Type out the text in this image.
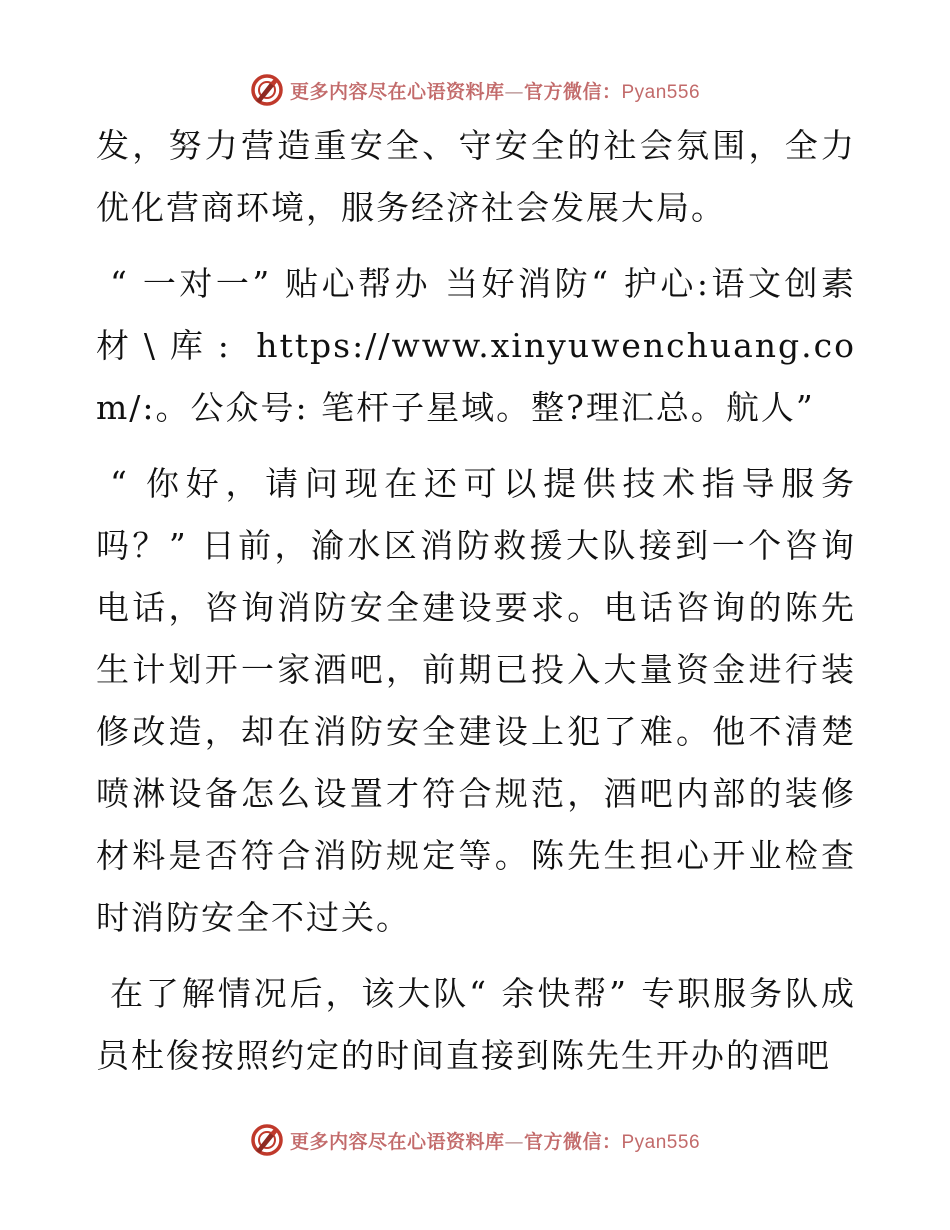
更多内容尽在心语资料库—官方微信：Pyan556

发，努力营造重安全、守安全的社会氛围，全力优化营商环境，服务经济社会发展大局。

“ 一对一” 贴心帮办 当好消防“ 护心:语文创素材\库: https://www.xinyuwenchuang.com/:。公众号: 笔杆子星域。整?理汇总。航人”

“ 你好，请问现在还可以提供技术指导服务吗？” 日前，渝水区消防救援大队接到一个咨询电话，咨询消防安全建设要求。电话咨询的陈先生计划开一家酒吧，前期已投入大量资金进行装修改造，却在消防安全建设上犯了难。他不清楚喷淋设备怎么设置才符合规范，酒吧内部的装修材料是否符合消防规定等。陈先生担心开业检查时消防安全不过关。

在了解情况后，该大队“ 余快帮” 专职服务队成员杜俊按照约定的时间直接到陈先生开办的酒吧

更多内容尽在心语资料库—官方微信：Pyan556
